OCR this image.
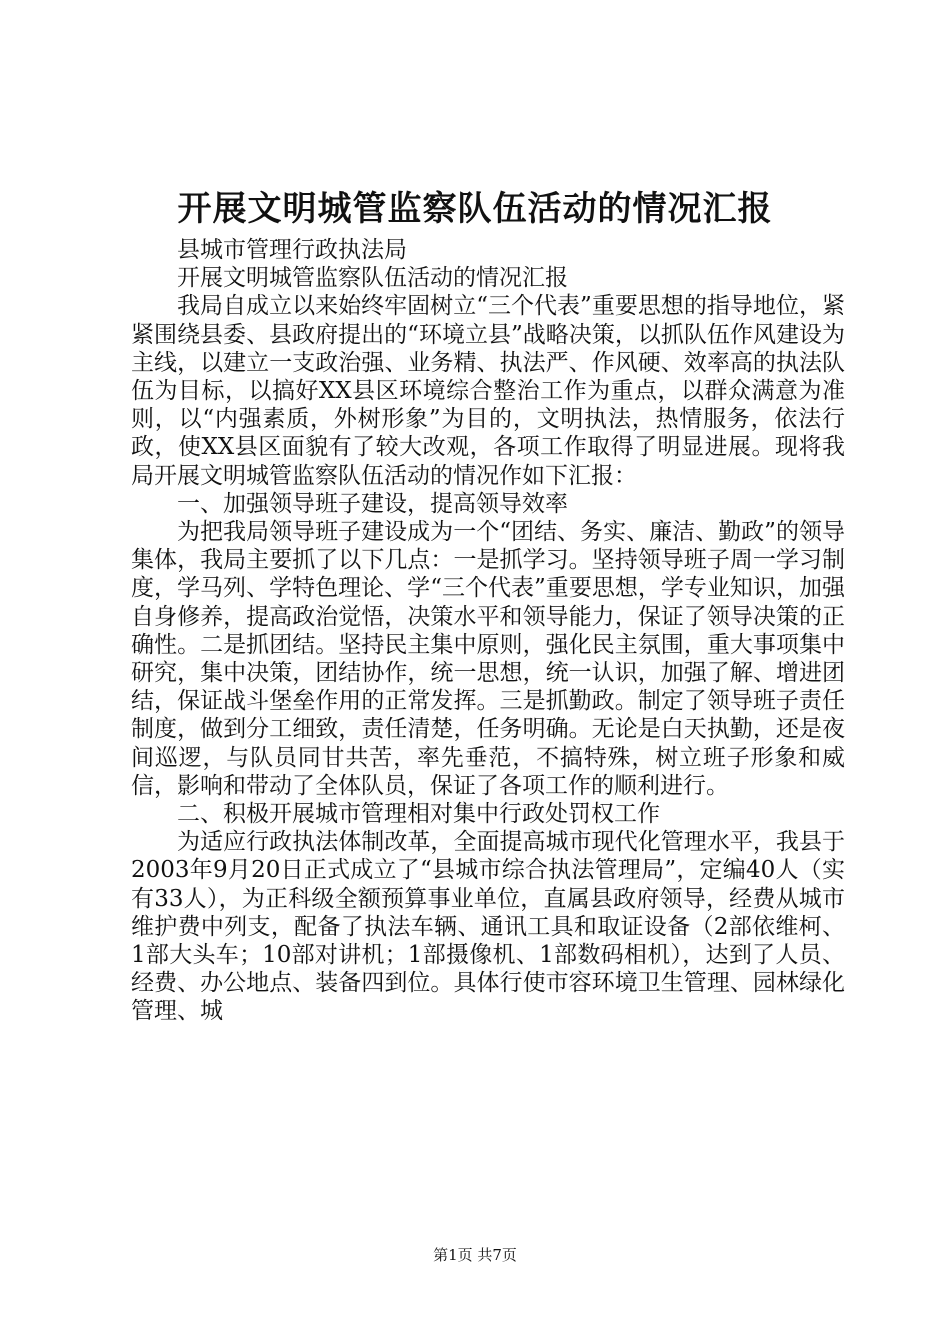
开展文明城管监察队伍活动的情况汇报

县城市管理行政执法局

开展文明城管监察队伍活动的情况汇报

我局自成立以来始终牢固树立“三个代表”重要思想的指导地位，紧紧围绕县委、县政府提出的“环境立县”战略决策，以抓队伍作风建设为主线，以建立一支政治强、业务精、执法严、作风硬、效率高的执法队伍为目标，以搞好XX县区环境综合整治工作为重点，以群众满意为准则，以“内强素质，外树形象”为目的，文明执法，热情服务，依法行政，使XX县区面貌有了较大改观，各项工作取得了明显进展。现将我局开展文明城管监察队伍活动的情况作如下汇报：

一、加强领导班子建设，提高领导效率

为把我局领导班子建设成为一个“团结、务实、廉洁、勤政”的领导集体，我局主要抓了以下几点：一是抓学习。坚持领导班子周一学习制度，学马列、学特色理论、学“三个代表”重要思想，学专业知识，加强自身修养，提高政治觉悟，决策水平和领导能力，保证了领导决策的正确性。二是抓团结。坚持民主集中原则，强化民主氛围，重大事项集中研究，集中决策，团结协作，统一思想，统一认识，加强了解、增进团结，保证战斗堡垒作用的正常发挥。三是抓勤政。制定了领导班子责任制度，做到分工细致，责任清楚，任务明确。无论是白天执勤，还是夜间巡逻，与队员同甘共苦，率先垂范，不搞特殊，树立班子形象和威信，影响和带动了全体队员，保证了各项工作的顺利进行。

二、积极开展城市管理相对集中行政处罚权工作

为适应行政执法体制改革，全面提高城市现代化管理水平，我县于2003年9月20日正式成立了“县城市综合执法管理局”，定编40人（实有33人），为正科级全额预算事业单位，直属县政府领导，经费从城市维护费中列支，配备了执法车辆、通讯工具和取证设备（2部依维柯、1部大头车；10部对讲机；1部摄像机、1部数码相机），达到了人员、经费、办公地点、装备四到位。具体行使市容环境卫生管理、园林绿化管理、城

第1页 共7页
